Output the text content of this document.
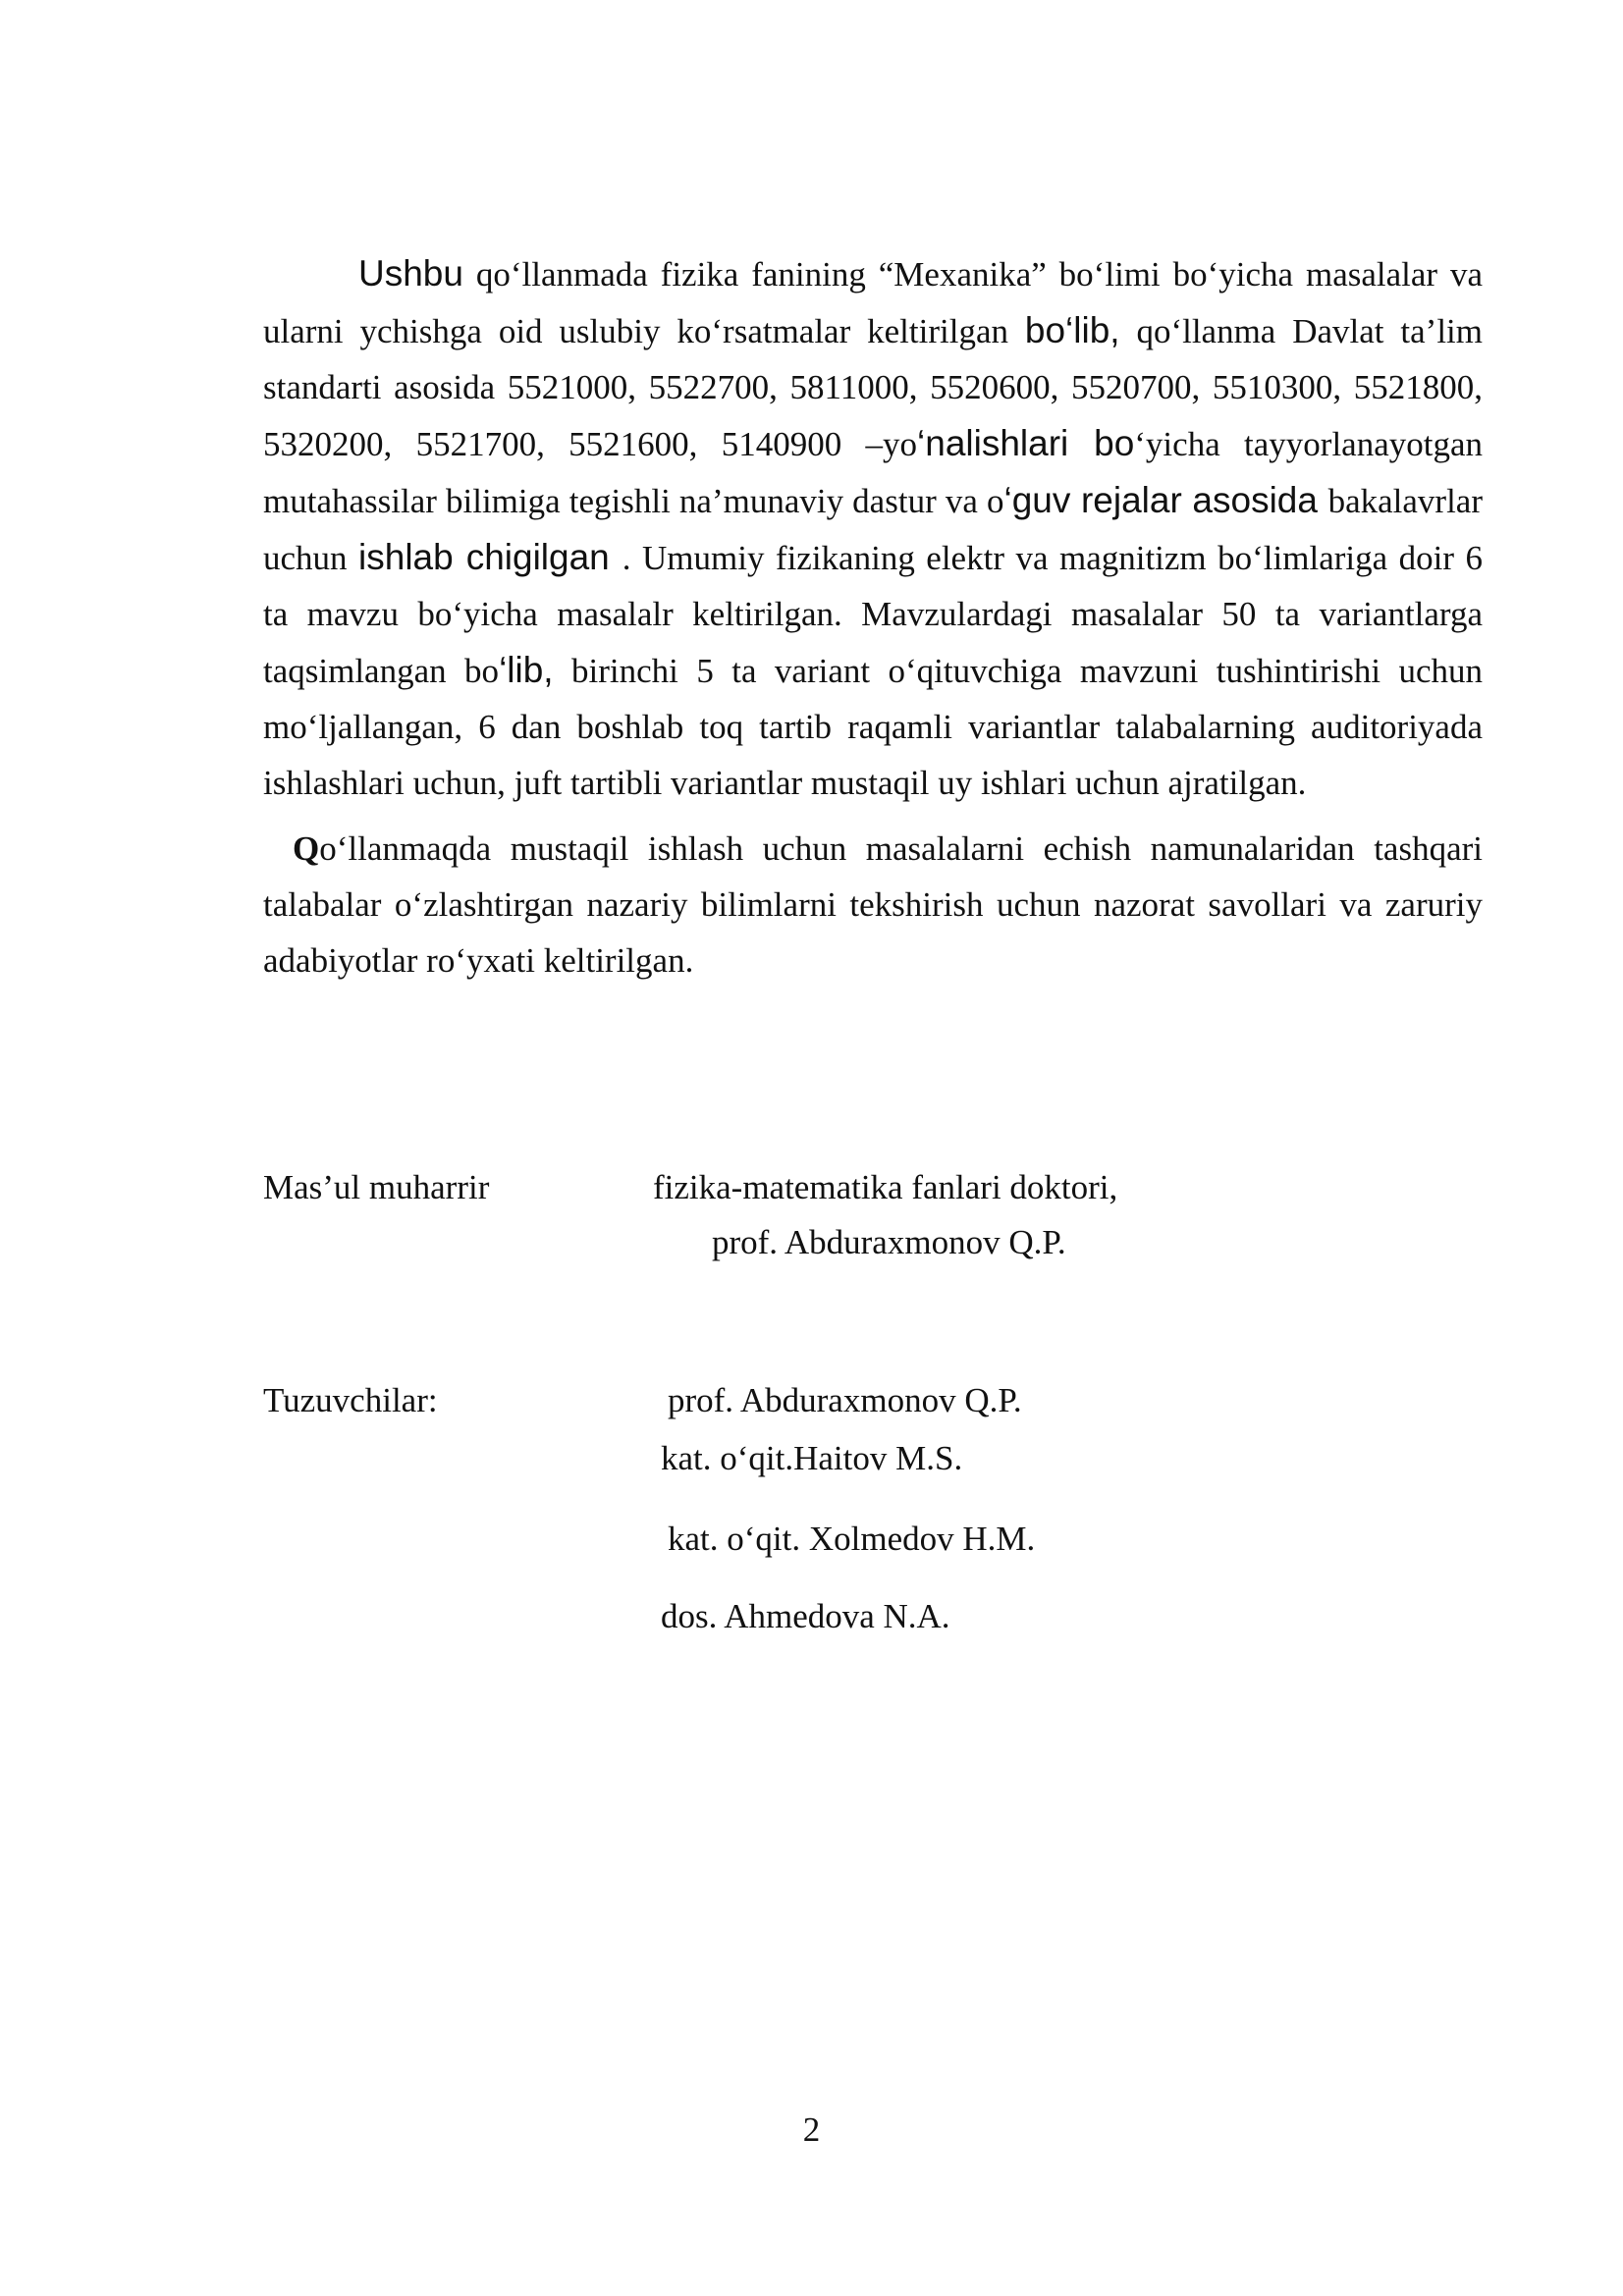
Ushbu qo‘llanmada fizika fanining “Mexanika” bo‘limi bo‘yicha masalalar va ularni ychishga oid uslubiy ko‘rsatmalar keltirilgan bo‘lib, qo‘llanma Davlat ta’lim standarti asosida 5521000, 5522700, 5811000, 5520600, 5520700, 5510300, 5521800, 5320200, 5521700, 5521600, 5140900 –yo‘nalishlari bo‘yicha tayyorlanayotgan mutahassilar bilimiga tegishli na’munaviy dastur va o‘guv rejalar asosida bakalavrlar uchun ishlab chigilgan . Umumiy fizikaning elektr va magnitizm bo‘limlariga doir 6 ta mavzu bo‘yicha masalalr keltirilgan. Mavzulardagi masalalar 50 ta variantlarga taqsimlangan bo‘lib, birinchi 5 ta variant o‘qituvchiga mavzuni tushintirishi uchun mo‘ljallangan, 6 dan boshlab toq tartib raqamli variantlar talabalarning auditoriyada ishlashlari uchun, juft tartibli variantlar mustaqil uy ishlari uchun ajratilgan.

Qo‘llanmaqda mustaqil ishlash uchun masalalarni echish namunalaridan tashqari talabalar o‘zlashtirgan nazariy bilimlarni tekshirish uchun nazorat savollari va zaruriy adabiyotlar ro‘yxati keltirilgan.

Mas’ul muharrir	fizika-matematika fanlari doktori,

prof. Abduraxmonov Q.P.

Tuzuvchilar:	prof. Abduraxmonov Q.P.

kat. o‘qit.Haitov M.S.

kat. o‘qit. Xolmedov H.M.

dos. Ahmedova N.A.

2
